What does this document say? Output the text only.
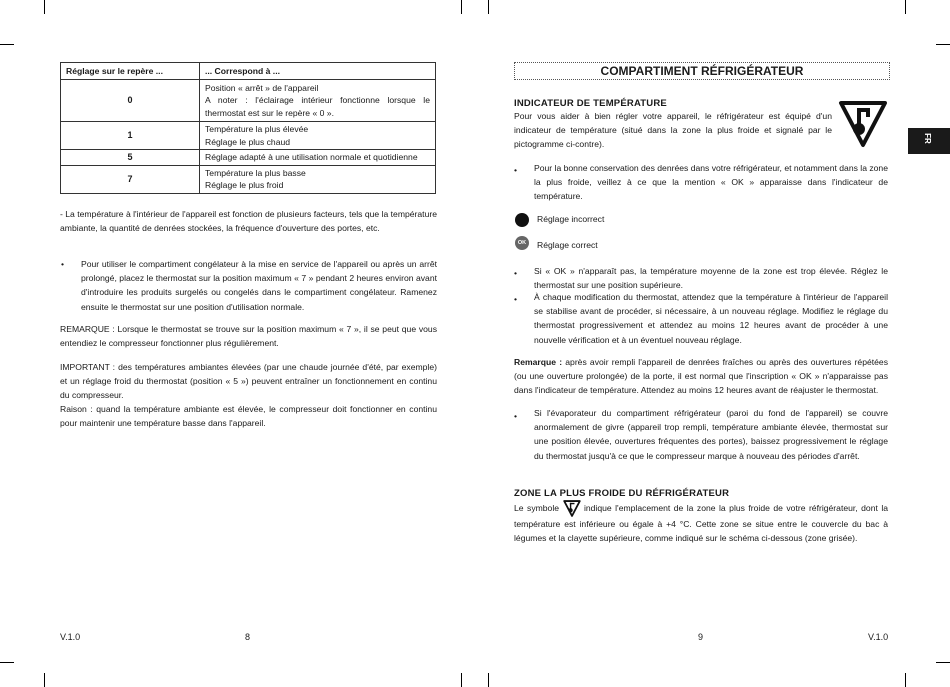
Réglage sur le repère ...	... Correspond à ...
0	Position « arrêt » de l'appareil
A noter : l'éclairage intérieur fonctionne lorsque le thermostat est sur le repère « 0 ».
1	Température la plus élevée
Réglage le plus chaud
5	Réglage adapté à une utilisation normale et quotidienne
7	Température la plus basse
Réglage le plus froid

- La température à l'intérieur de l'appareil est fonction de plusieurs facteurs, tels que la température ambiante, la quantité de denrées stockées, la fréquence d'ouverture des portes, etc.

• Pour utiliser le compartiment congélateur à la mise en service de l'appareil ou après un arrêt prolongé, placez le thermostat sur la position maximum « 7 » pendant 2 heures environ avant d'introduire les produits surgelés ou congelés dans le compartiment congélateur. Ramenez ensuite le thermostat sur une position d'utilisation normale.

REMARQUE : Lorsque le thermostat se trouve sur la position maximum « 7 », il se peut que vous entendiez le compresseur fonctionner plus régulièrement.

IMPORTANT : des températures ambiantes élevées (par une chaude journée d'été, par exemple) et un réglage froid du thermostat (position « 5 ») peuvent entraîner un fonctionnement en continu du compresseur.

Raison : quand la température ambiante est élevée, le compresseur doit fonctionner en continu pour maintenir une température basse dans l'appareil.

V.1.0	8
COMPARTIMENT RÉFRIGÉRATEUR
FR
INDICATEUR DE TEMPÉRATURE

Pour vous aider à bien régler votre appareil, le réfrigérateur est équipé d'un indicateur de température (situé dans la zone la plus froide et signalé par le pictogramme ci-contre).

• Pour la bonne conservation des denrées dans votre réfrigérateur, et notamment dans la zone la plus froide, veillez à ce que la mention « OK » apparaisse dans l'indicateur de température.

Réglage incorrect
OK	Réglage correct
• Si « OK » n'apparaît pas, la température moyenne de la zone est trop élevée. Réglez le thermostat sur une position supérieure.

• À chaque modification du thermostat, attendez que la température à l'intérieur de l'appareil se stabilise avant de procéder, si nécessaire, à un nouveau réglage. Modifiez le réglage du thermostat progressivement et attendez au moins 12 heures avant de procéder à une nouvelle vérification et à un éventuel nouveau réglage.

Remarque : après avoir rempli l'appareil de denrées fraîches ou après des ouvertures répétées (ou une ouverture prolongée) de la porte, il est normal que l'inscription « OK » n'apparaisse pas dans l'indicateur de température. Attendez au moins 12 heures avant de réajuster le thermostat.

• Si l'évaporateur du compartiment réfrigérateur (paroi du fond de l'appareil) se couvre anormalement de givre (appareil trop rempli, température ambiante élevée, thermostat sur une position élevée, ouvertures fréquentes des portes), baissez progressivement le réglage du thermostat jusqu'à ce que le compresseur marque à nouveau des périodes d'arrêt.

ZONE LA PLUS FROIDE DU RÉFRIGÉRATEUR

Le symbole	indique l'emplacement de la zone la plus froide de votre réfrigérateur, dont la température est inférieure ou égale à +4 °C. Cette zone se situe entre le couvercle du bac à légumes et la clayette supérieure, comme indiqué sur le schéma ci-dessous (zone grisée).

9	V.1.0
